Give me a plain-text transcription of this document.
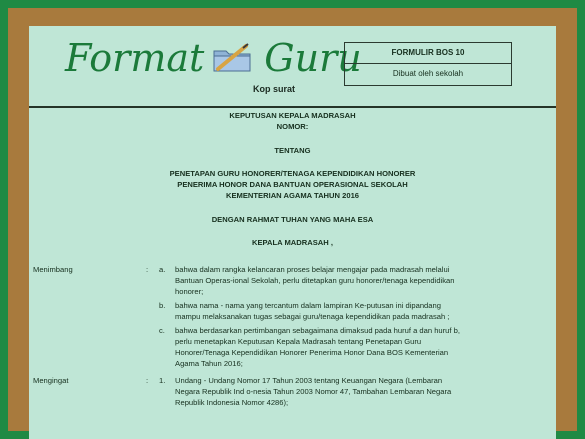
Format Guru
Kop surat
FORMULIR BOS 10
Dibuat oleh sekolah
KEPUTUSAN KEPALA MADRASAH
NOMOR:
TENTANG
PENETAPAN GURU HONORER/TENAGA KEPENDIDIKAN HONORER
PENERIMA HONOR DANA BANTUAN OPERASIONAL SEKOLAH
KEMENTERIAN AGAMA TAHUN 2016
DENGAN RAHMAT TUHAN YANG MAHA ESA
KEPALA MADRASAH ,
Menimbang	: a. bahwa dalam rangka kelancaran proses belajar mengajar pada madrasah melalui
Bantuan Operas-ional Sekolah, perlu ditetapkan guru honorer/tenaga kependidikan
honorer;
b. bahwa nama - nama yang tercantum dalam lampiran Ke-putusan ini dipandang
mampu melaksanakan tugas sebagai guru/tenaga kependidikan pada madrasah ;
c. bahwa berdasarkan pertimbangan sebagaimana dimaksud pada huruf a dan huruf b,
perlu menetapkan Keputusan Kepala Madrasah tentang Penetapan Guru
Honorer/Tenaga Kependidikan Honorer Penerima Honor Dana BOS Kementerian
Agama Tahun 2016;
Mengingat	: 1. Undang - Undang Nomor 17 Tahun 2003 tentang Keuangan Negara (Lembaran
Negara Republik Ind o-nesia Tahun 2003 Nomor 47, Tambahan Lembaran Negara
Republik Indonesia Nomor 4286);
